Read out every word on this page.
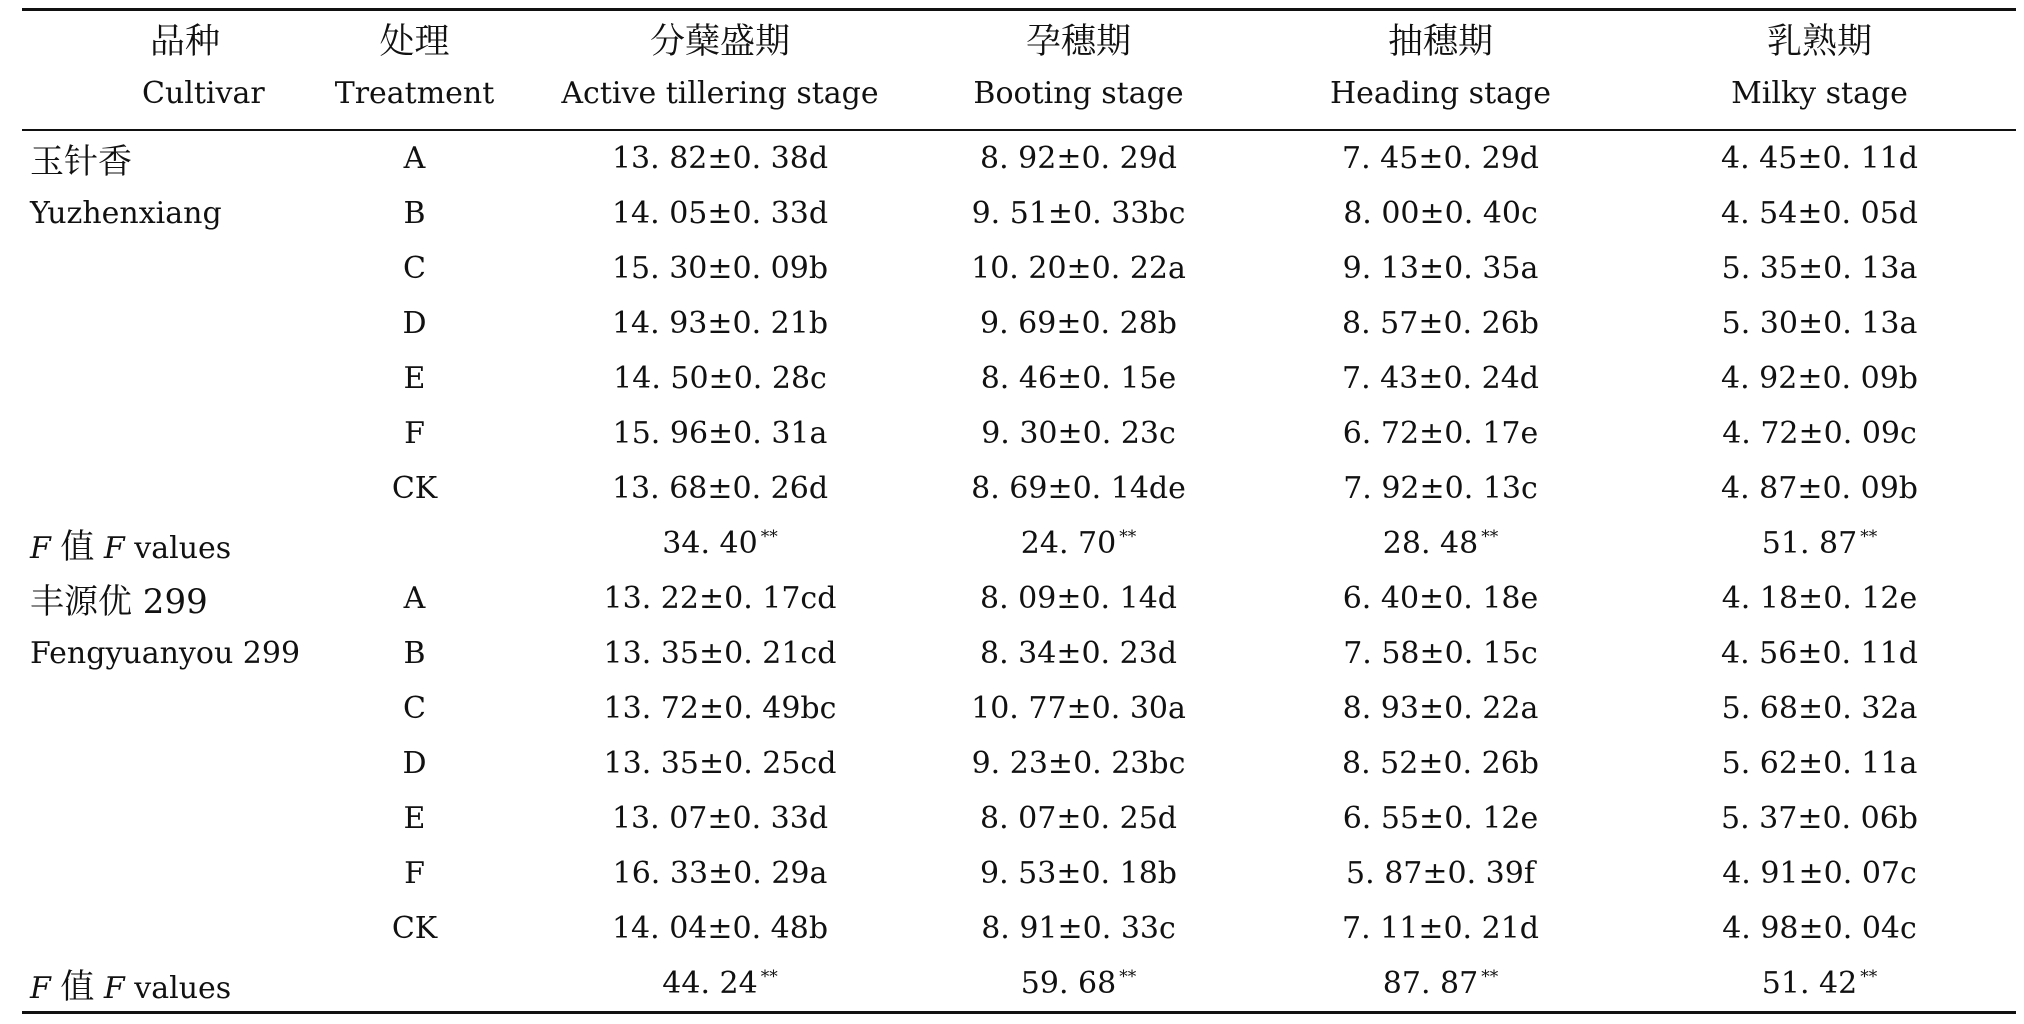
品种	处理	分蘖盛期	孕穗期	抽穗期	乳熟期
Cultivar	Treatment	Active tillering stage	Booting stage	Heading stage	Milky stage
玉针香	A	13. 82±0. 38d	8. 92±0. 29d	7. 45±0. 29d	4. 45±0. 11d
Yuzhenxiang	B	14. 05±0. 33d	9. 51±0. 33bc	8. 00±0. 40c	4. 54±0. 05d
	C	15. 30±0. 09b	10. 20±0. 22a	9. 13±0. 35a	5. 35±0. 13a
	D	14. 93±0. 21b	9. 69±0. 28b	8. 57±0. 26b	5. 30±0. 13a
	E	14. 50±0. 28c	8. 46±0. 15e	7. 43±0. 24d	4. 92±0. 09b
	F	15. 96±0. 31a	9. 30±0. 23c	6. 72±0. 17e	4. 72±0. 09c
	CK	13. 68±0. 26d	8. 69±0. 14de	7. 92±0. 13c	4. 87±0. 09b
F 值 F values		34. 40 **	24. 70 **	28. 48 **	51. 87 **
丰源优 299	A	13. 22±0. 17cd	8. 09±0. 14d	6. 40±0. 18e	4. 18±0. 12e
Fengyuanyou 299	B	13. 35±0. 21cd	8. 34±0. 23d	7. 58±0. 15c	4. 56±0. 11d
	C	13. 72±0. 49bc	10. 77±0. 30a	8. 93±0. 22a	5. 68±0. 32a
	D	13. 35±0. 25cd	9. 23±0. 23bc	8. 52±0. 26b	5. 62±0. 11a
	E	13. 07±0. 33d	8. 07±0. 25d	6. 55±0. 12e	5. 37±0. 06b
	F	16. 33±0. 29a	9. 53±0. 18b	5. 87±0. 39f	4. 91±0. 07c
	CK	14. 04±0. 48b	8. 91±0. 33c	7. 11±0. 21d	4. 98±0. 04c
F 值 F values		44. 24 **	59. 68 **	87. 87 **	51. 42 **
